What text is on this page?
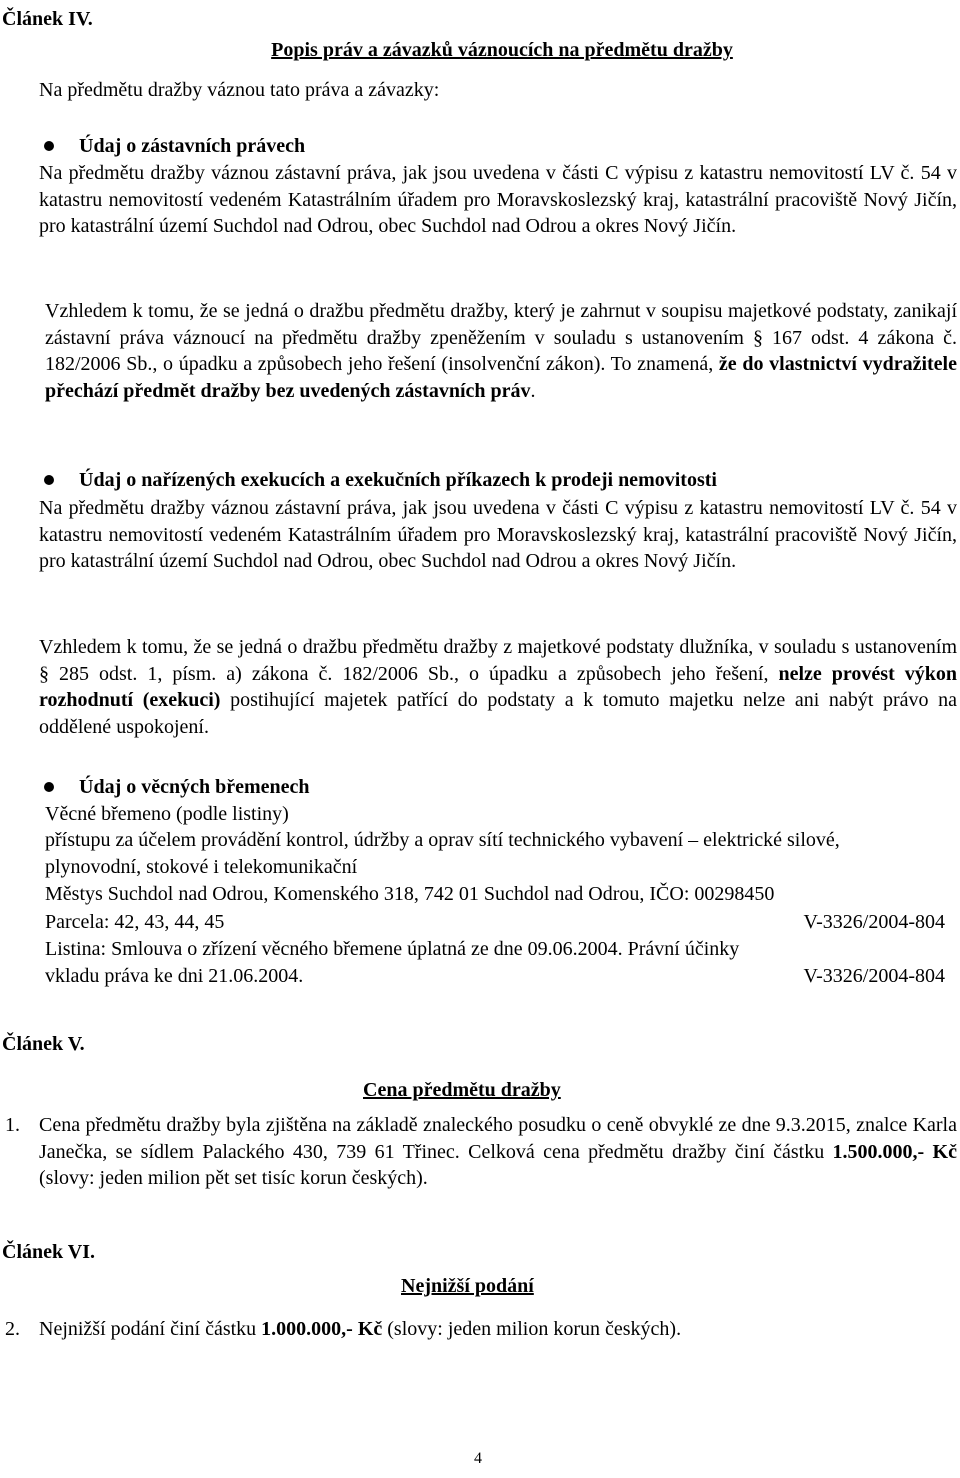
Článek IV.
Popis práv a závazků váznoucích na předmětu dražby
Na předmětu dražby váznou tato práva a závazky:
Údaj o zástavních právech
Na předmětu dražby váznou zástavní práva, jak jsou uvedena v části C výpisu z katastru nemovitostí LV č. 54 v katastru nemovitostí vedeném Katastrálním úřadem pro Moravskoslezský kraj, katastrální pracoviště Nový Jičín, pro katastrální území Suchdol nad Odrou, obec Suchdol nad Odrou a okres Nový Jičín.
Vzhledem k tomu, že se jedná o dražbu předmětu dražby, který je zahrnut v soupisu majetkové podstaty, zanikají zástavní práva váznoucí na předmětu dražby zpeněžením v souladu s ustanovením § 167 odst. 4 zákona č. 182/2006 Sb., o úpadku a způsobech jeho řešení (insolvenční zákon). To znamená, že do vlastnictví vydražitele přechází předmět dražby bez uvedených zástavních práv.
Údaj o nařízených exekucích a exekučních příkazech k prodeji nemovitosti
Na předmětu dražby váznou zástavní práva, jak jsou uvedena v části C výpisu z katastru nemovitostí LV č. 54 v katastru nemovitostí vedeném Katastrálním úřadem pro Moravskoslezský kraj, katastrální pracoviště Nový Jičín, pro katastrální území Suchdol nad Odrou, obec Suchdol nad Odrou a okres Nový Jičín.
Vzhledem k tomu, že se jedná o dražbu předmětu dražby z majetkové podstaty dlužníka, v souladu s ustanovením § 285 odst. 1, písm. a) zákona č. 182/2006 Sb., o úpadku a způsobech jeho řešení, nelze provést výkon rozhodnutí (exekuci) postihující majetek patřící do podstaty a k tomuto majetku nelze ani nabýt právo na oddělené uspokojení.
Údaj o věcných břemenech
Věcné břemeno (podle listiny)
přístupu za účelem provádění kontrol, údržby a oprav sítí technického vybavení – elektrické silové, plynovodní, stokové i telekomunikační
Městys Suchdol nad Odrou, Komenského 318, 742 01 Suchdol nad Odrou, IČO: 00298450
Parcela: 42, 43, 44, 45	V-3326/2004-804
Listina: Smlouva o zřízení věcného břemene úplatná ze dne 09.06.2004. Právní účinky
vkladu práva ke dni 21.06.2004.	V-3326/2004-804
Článek V.
Cena předmětu dražby
1. Cena předmětu dražby byla zjištěna na základě znaleckého posudku o ceně obvyklé ze dne 9.3.2015, znalce Karla Janečka, se sídlem Palackého 430, 739 61 Třinec. Celková cena předmětu dražby činí částku 1.500.000,- Kč (slovy: jeden milion pět set tisíc korun českých).
Článek VI.
Nejnižší podání
2. Nejnižší podání činí částku 1.000.000,- Kč (slovy: jeden milion korun českých).
4
